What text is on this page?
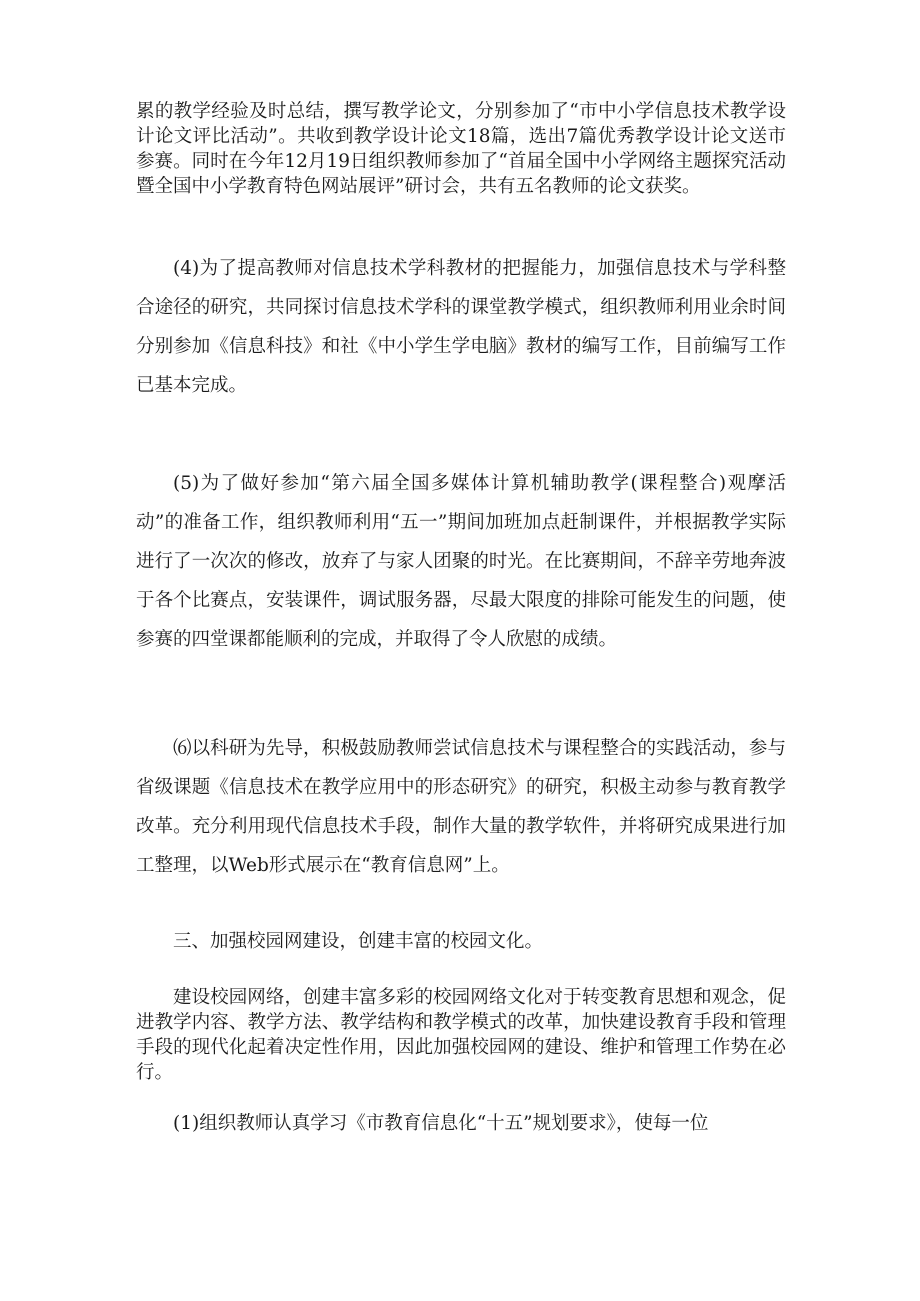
累的教学经验及时总结，撰写教学论文，分别参加了“市中小学信息技术教学设计论文评比活动”。共收到教学设计论文18篇，选出7篇优秀教学设计论文送市参赛。同时在今年12月19日组织教师参加了“首届全国中小学网络主题探究活动暨全国中小学教育特色网站展评”研讨会，共有五名教师的论文获奖。

(4)为了提高教师对信息技术学科教材的把握能力，加强信息技术与学科整合途径的研究，共同探讨信息技术学科的课堂教学模式，组织教师利用业余时间分别参加《信息科技》和社《中小学生学电脑》教材的编写工作，目前编写工作已基本完成。

(5)为了做好参加“第六届全国多媒体计算机辅助教学(课程整合)观摩活动”的准备工作，组织教师利用“五一”期间加班加点赶制课件，并根据教学实际进行了一次次的修改，放弃了与家人团聚的时光。在比赛期间，不辞辛劳地奔波于各个比赛点，安装课件，调试服务器，尽最大限度的排除可能发生的问题，使参赛的四堂课都能顺利的完成，并取得了令人欣慰的成绩。

⑹以科研为先导，积极鼓励教师尝试信息技术与课程整合的实践活动，参与省级课题《信息技术在教学应用中的形态研究》的研究，积极主动参与教育教学改革。充分利用现代信息技术手段，制作大量的教学软件，并将研究成果进行加工整理，以Web形式展示在“教育信息网”上。

三、加强校园网建设，创建丰富的校园文化。

建设校园网络，创建丰富多彩的校园网络文化对于转变教育思想和观念，促进教学内容、教学方法、教学结构和教学模式的改革，加快建设教育手段和管理手段的现代化起着决定性作用，因此加强校园网的建设、维护和管理工作势在必行。

(1)组织教师认真学习《市教育信息化“十五”规划要求》，使每一位
